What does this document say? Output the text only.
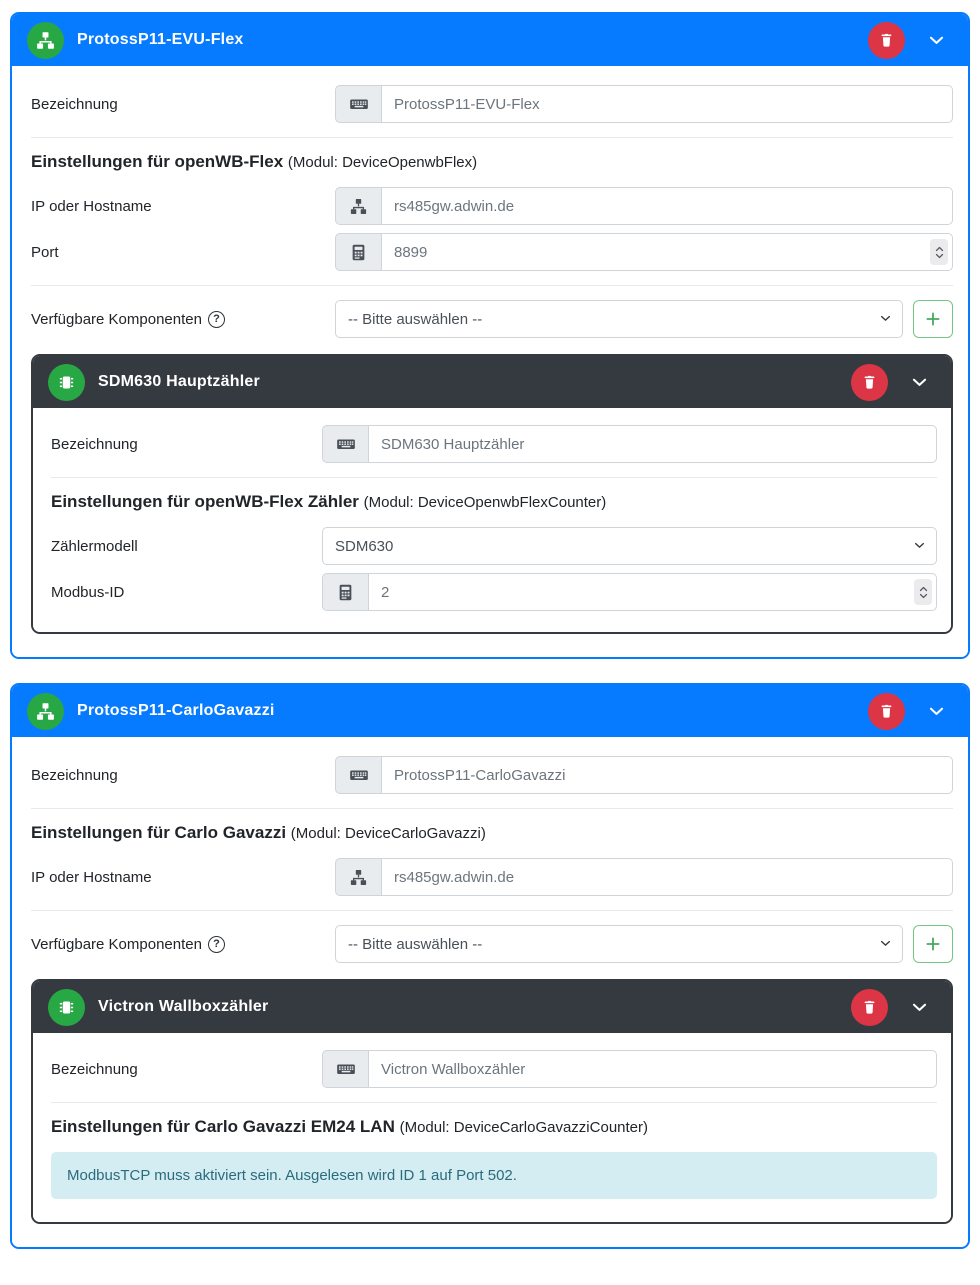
ProtossP11-EVU-Flex
Bezeichnung
ProtossP11-EVU-Flex
Einstellungen für openWB-Flex (Modul: DeviceOpenwbFlex)
IP oder Hostname
rs485gw.adwin.de
Port
8899
Verfügbare Komponenten	?
-- Bitte auswählen --
SDM630 Hauptzähler
Bezeichnung
SDM630 Hauptzähler
Einstellungen für openWB-Flex Zähler (Modul: DeviceOpenwbFlexCounter)
Zählermodell
SDM630
Modbus-ID
2
ProtossP11-CarloGavazzi
Bezeichnung
ProtossP11-CarloGavazzi
Einstellungen für Carlo Gavazzi (Modul: DeviceCarloGavazzi)
IP oder Hostname
rs485gw.adwin.de
Verfügbare Komponenten	?
-- Bitte auswählen --
Victron Wallboxzähler
Bezeichnung
Victron Wallboxzähler
Einstellungen für Carlo Gavazzi EM24 LAN (Modul: DeviceCarloGavazziCounter)
ModbusTCP muss aktiviert sein. Ausgelesen wird ID 1 auf Port 502.
